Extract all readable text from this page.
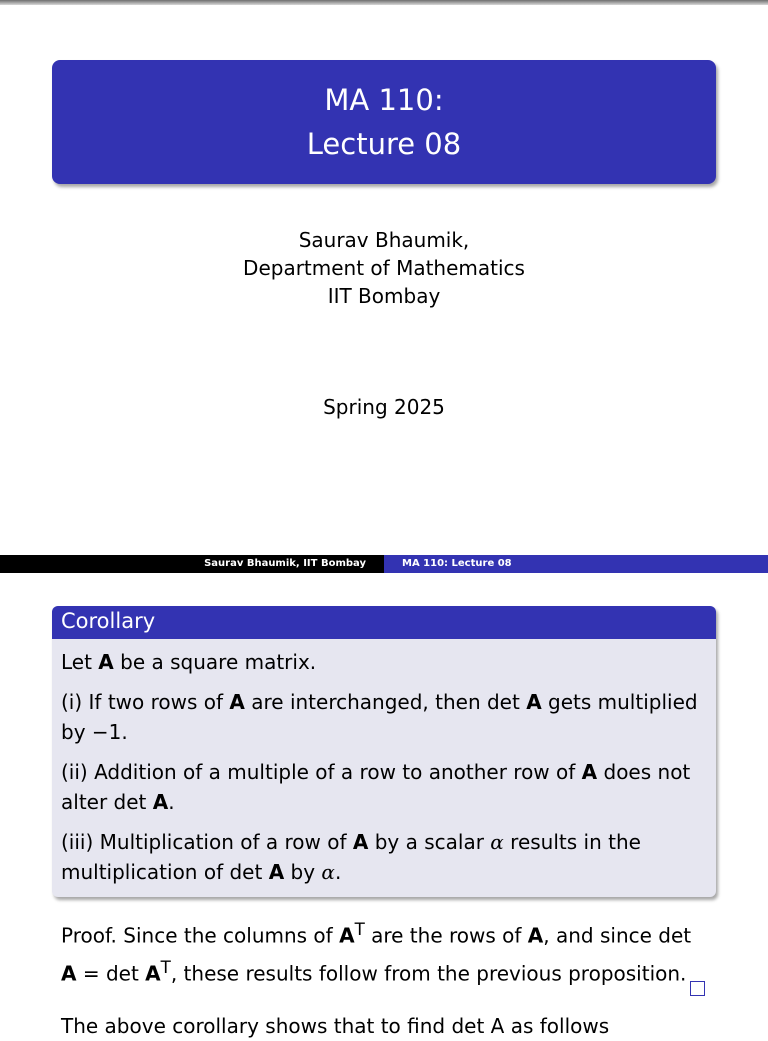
MA 110:
Lecture 08
Saurav Bhaumik,
Department of Mathematics
IIT Bombay
Spring 2025
Saurav Bhaumik, IIT Bombay	MA 110: Lecture 08
Corollary

Let A be a square matrix.

(i) If two rows of A are interchanged, then det A gets multiplied by −1.

(ii) Addition of a multiple of a row to another row of A does not alter det A.

(iii) Multiplication of a row of A by a scalar α results in the multiplication of det A by α.

Proof. Since the columns of $A^T$ are the rows of A, and since $\det A = \det A^T$, these results follow from the previous proposition.
The above corollary shows that to find det A as follows
